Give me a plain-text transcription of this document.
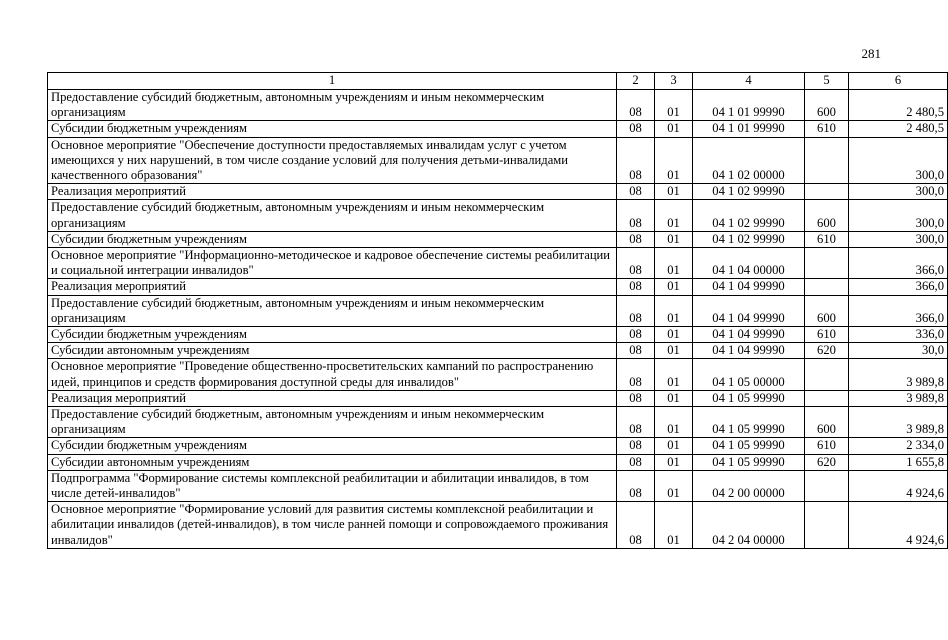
281
1	2	3	4	5	6
Предоставление субсидий бюджетным, автономным учреждениям и иным некоммерческим организациям	08	01	04 1 01 99990	600	2 480,5
Субсидии бюджетным учреждениям	08	01	04 1 01 99990	610	2 480,5
Основное мероприятие "Обеспечение доступности предоставляемых инвалидам услуг с учетом имеющихся у них нарушений, в том числе создание условий для получения детьми-инвалидами качественного образования"	08	01	04 1 02 00000		300,0
Реализация мероприятий	08	01	04 1 02 99990		300,0
Предоставление субсидий бюджетным, автономным учреждениям и иным некоммерческим организациям	08	01	04 1 02 99990	600	300,0
Субсидии бюджетным учреждениям	08	01	04 1 02 99990	610	300,0
Основное мероприятие "Информационно-методическое и кадровое обеспечение системы реабилитации и социальной интеграции инвалидов"	08	01	04 1 04 00000		366,0
Реализация мероприятий	08	01	04 1 04 99990		366,0
Предоставление субсидий бюджетным, автономным учреждениям и иным некоммерческим организациям	08	01	04 1 04 99990	600	366,0
Субсидии бюджетным учреждениям	08	01	04 1 04 99990	610	336,0
Субсидии автономным учреждениям	08	01	04 1 04 99990	620	30,0
Основное мероприятие "Проведение общественно-просветительских кампаний по распространению идей, принципов и средств формирования доступной среды для инвалидов"	08	01	04 1 05 00000		3 989,8
Реализация мероприятий	08	01	04 1 05 99990		3 989,8
Предоставление субсидий бюджетным, автономным учреждениям и иным некоммерческим организациям	08	01	04 1 05 99990	600	3 989,8
Субсидии бюджетным учреждениям	08	01	04 1 05 99990	610	2 334,0
Субсидии автономным учреждениям	08	01	04 1 05 99990	620	1 655,8
Подпрограмма "Формирование системы комплексной реабилитации и абилитации инвалидов, в том числе детей-инвалидов"	08	01	04 2 00 00000		4 924,6
Основное мероприятие "Формирование условий для развития системы комплексной реабилитации и абилитации инвалидов (детей-инвалидов), в том числе ранней помощи и сопровождаемого проживания инвалидов"	08	01	04 2 04 00000		4 924,6
